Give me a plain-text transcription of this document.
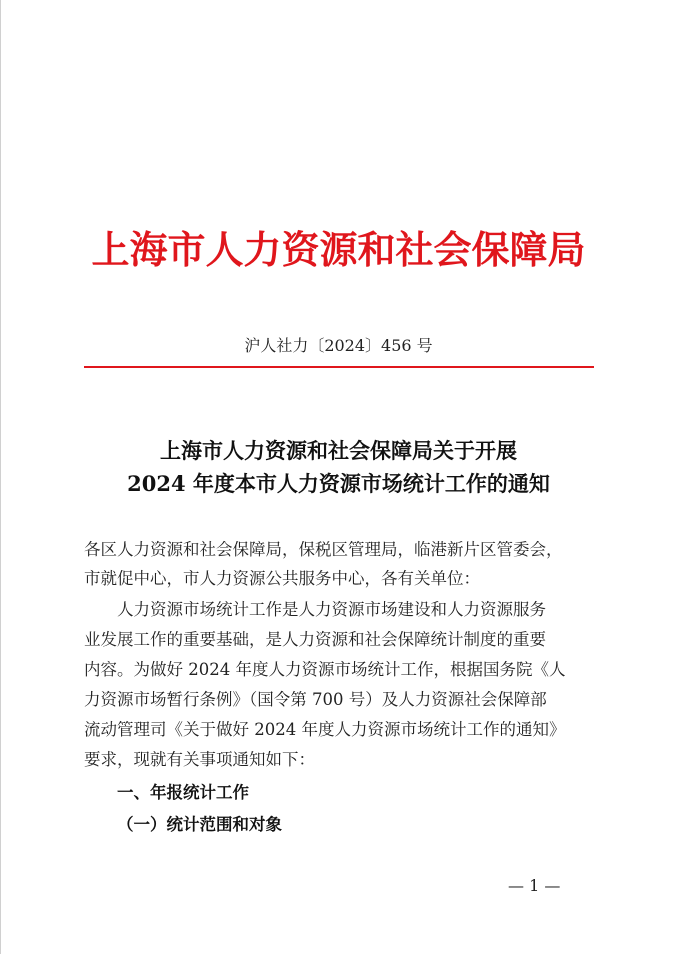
上海市人力资源和社会保障局
沪人社力〔2024〕456 号
上海市人力资源和社会保障局关于开展
2024 年度本市人力资源市场统计工作的通知
各区人力资源和社会保障局，保税区管理局，临港新片区管委会，
市就促中心，市人力资源公共服务中心，各有关单位：
人力资源市场统计工作是人力资源市场建设和人力资源服务
业发展工作的重要基础，是人力资源和社会保障统计制度的重要
内容。为做好 2024 年度人力资源市场统计工作，根据国务院《人
力资源市场暂行条例》（国令第 700 号）及人力资源社会保障部
流动管理司《关于做好 2024 年度人力资源市场统计工作的通知》
要求，现就有关事项通知如下：
一、年报统计工作
（一）统计范围和对象
— 1 —
